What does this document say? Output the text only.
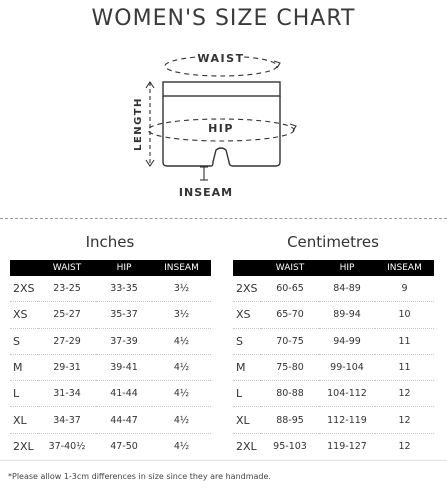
WOMEN'S SIZE CHART
WAIST
HIP
LENGTH
INSEAM
Inches	Centimetres
	WAIST	HIP	INSEAM
2XS	23-25	33-35	3½
XS	25-27	35-37	3½
S	27-29	37-39	4½
M	29-31	39-41	4½
L	31-34	41-44	4½
XL	34-37	44-47	4½
2XL	37-40½	47-50	4½
	WAIST	HIP	INSEAM
2XS	60-65	84-89	9
XS	65-70	89-94	10
S	70-75	94-99	11
M	75-80	99-104	11
L	80-88	104-112	12
XL	88-95	112-119	12
2XL	95-103	119-127	12
*Please allow 1-3cm differences in size since they are handmade.
